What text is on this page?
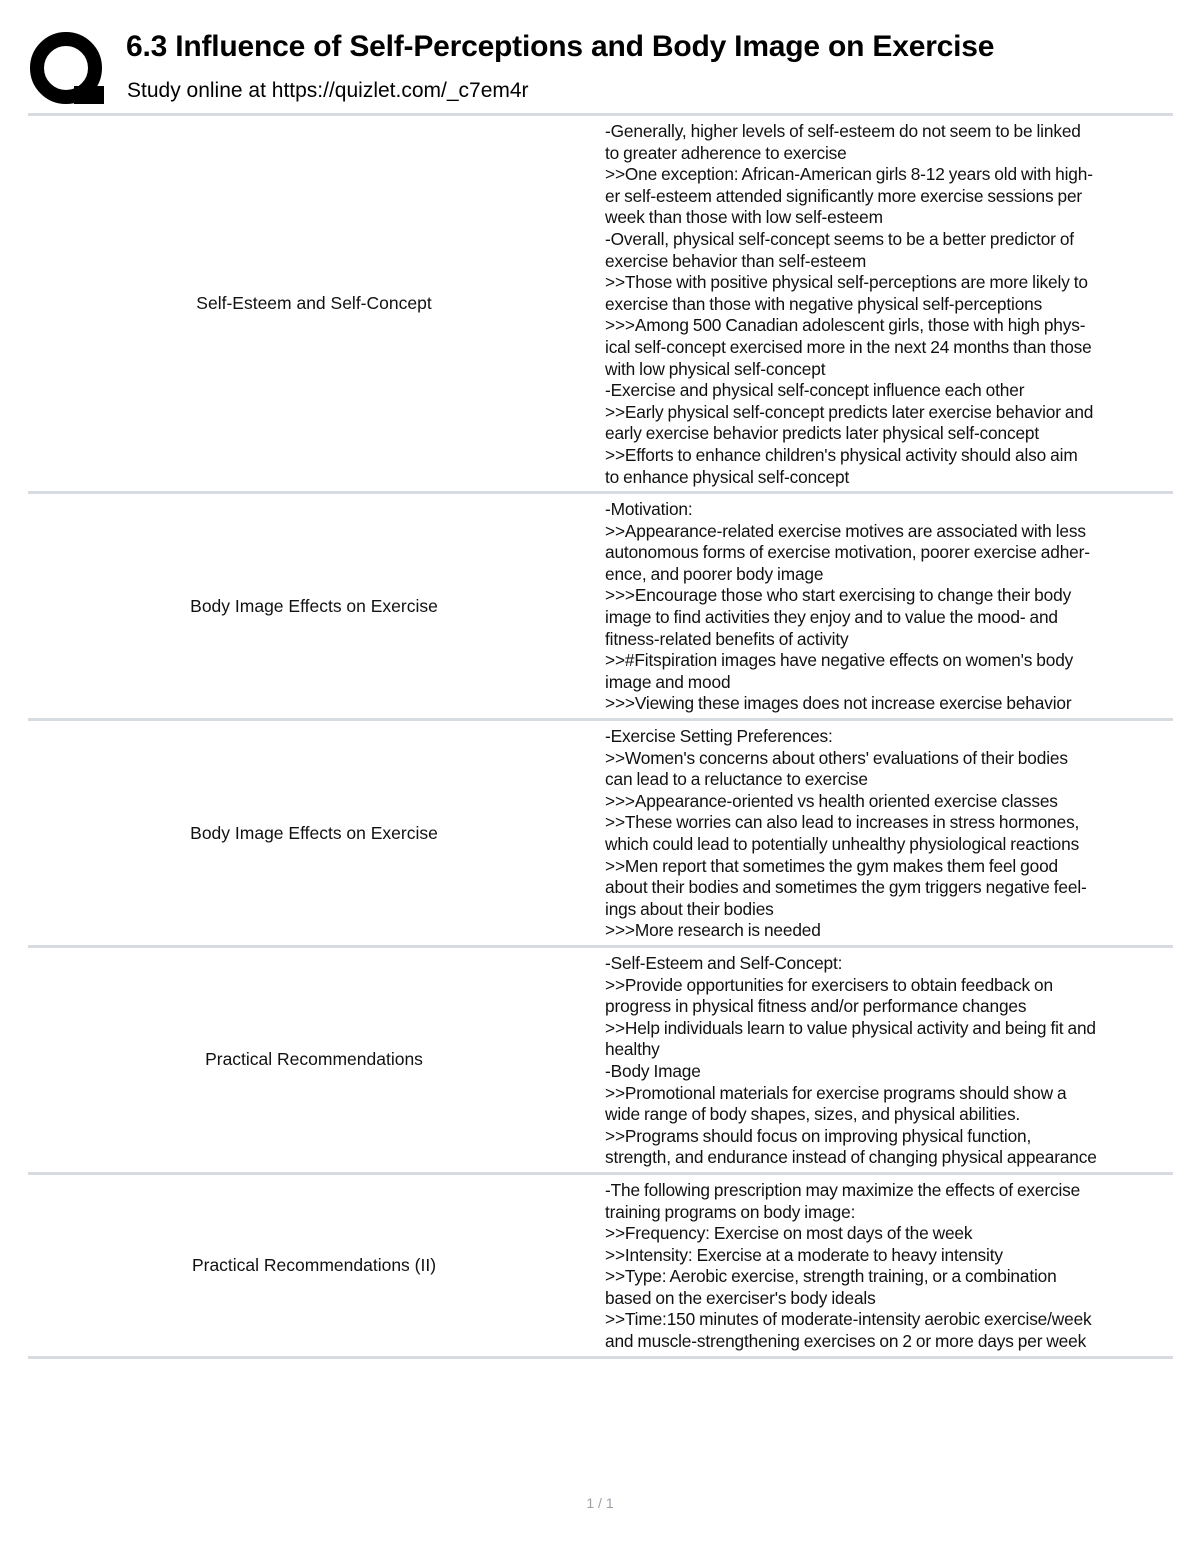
6.3 Influence of Self-Perceptions and Body Image on Exercise
Study online at https://quizlet.com/_c7em4r
Self-Esteem and Self-Concept
-Generally, higher levels of self-esteem do not seem to be linked
to greater adherence to exercise
>>One exception: African-American girls 8-12 years old with high-
er self-esteem attended significantly more exercise sessions per
week than those with low self-esteem
-Overall, physical self-concept seems to be a better predictor of
exercise behavior than self-esteem
>>Those with positive physical self-perceptions are more likely to
exercise than those with negative physical self-perceptions
>>>Among 500 Canadian adolescent girls, those with high phys-
ical self-concept exercised more in the next 24 months than those
with low physical self-concept
-Exercise and physical self-concept influence each other
>>Early physical self-concept predicts later exercise behavior and
early exercise behavior predicts later physical self-concept
>>Efforts to enhance children's physical activity should also aim
to enhance physical self-concept
Body Image Effects on Exercise
-Motivation:
>>Appearance-related exercise motives are associated with less
autonomous forms of exercise motivation, poorer exercise adher-
ence, and poorer body image
>>>Encourage those who start exercising to change their body
image to find activities they enjoy and to value the mood- and
fitness-related benefits of activity
>>#Fitspiration images have negative effects on women's body
image and mood
>>>Viewing these images does not increase exercise behavior
Body Image Effects on Exercise
-Exercise Setting Preferences:
>>Women's concerns about others' evaluations of their bodies
can lead to a reluctance to exercise
>>>Appearance-oriented vs health oriented exercise classes
>>These worries can also lead to increases in stress hormones,
which could lead to potentially unhealthy physiological reactions
>>Men report that sometimes the gym makes them feel good
about their bodies and sometimes the gym triggers negative feel-
ings about their bodies
>>>More research is needed
Practical Recommendations
-Self-Esteem and Self-Concept:
>>Provide opportunities for exercisers to obtain feedback on
progress in physical fitness and/or performance changes
>>Help individuals learn to value physical activity and being fit and
healthy
-Body Image
>>Promotional materials for exercise programs should show a
wide range of body shapes, sizes, and physical abilities.
>>Programs should focus on improving physical function,
strength, and endurance instead of changing physical appearance
Practical Recommendations (II)
-The following prescription may maximize the effects of exercise
training programs on body image:
>>Frequency: Exercise on most days of the week
>>Intensity: Exercise at a moderate to heavy intensity
>>Type: Aerobic exercise, strength training, or a combination
based on the exerciser's body ideals
>>Time:150 minutes of moderate-intensity aerobic exercise/week
and muscle-strengthening exercises on 2 or more days per week
1 / 1
